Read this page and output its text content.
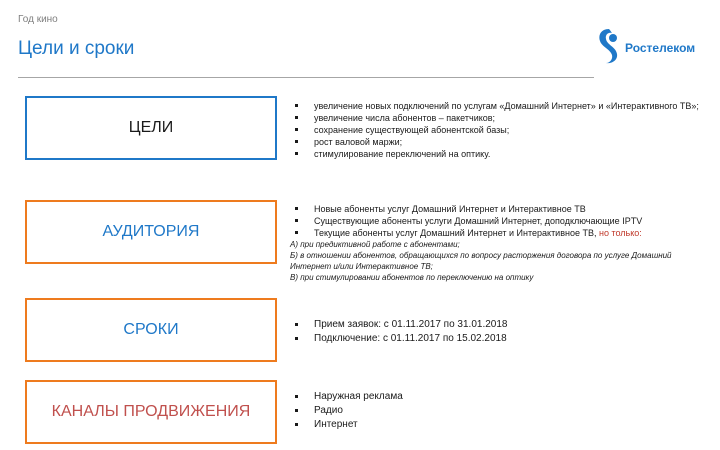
Год кино
Цели и сроки	Ростелеком
ЦЕЛИ
увеличение новых подключений по услугам «Домашний Интернет» и «Интерактивного ТВ»;
увеличение числа абонентов – пакетчиков;
сохранение существующей абонентской базы;
рост валовой маржи;
стимулирование переключений на оптику.
АУДИТОРИЯ
Новые абоненты услуг Домашний Интернет и Интерактивное ТВ
Существующие абоненты услуги Домашний Интернет, доподключающие IPTV
Текущие абоненты услуг Домашний Интернет и Интерактивное ТВ, но только:
А) при предиктивной работе с абонентами;
Б) в отношении абонентов, обращающихся по вопросу расторжения договора по услуге Домашний Интернет и/или Интерактивное ТВ;
В) при стимулировании абонентов по переключению на оптику
СРОКИ	Прием заявок: с 01.11.2017 по 31.01.2018
Подключение: с 01.11.2017 по 15.02.2018
КАНАЛЫ ПРОДВИЖЕНИЯ
Наружная реклама
Радио
Интернет
